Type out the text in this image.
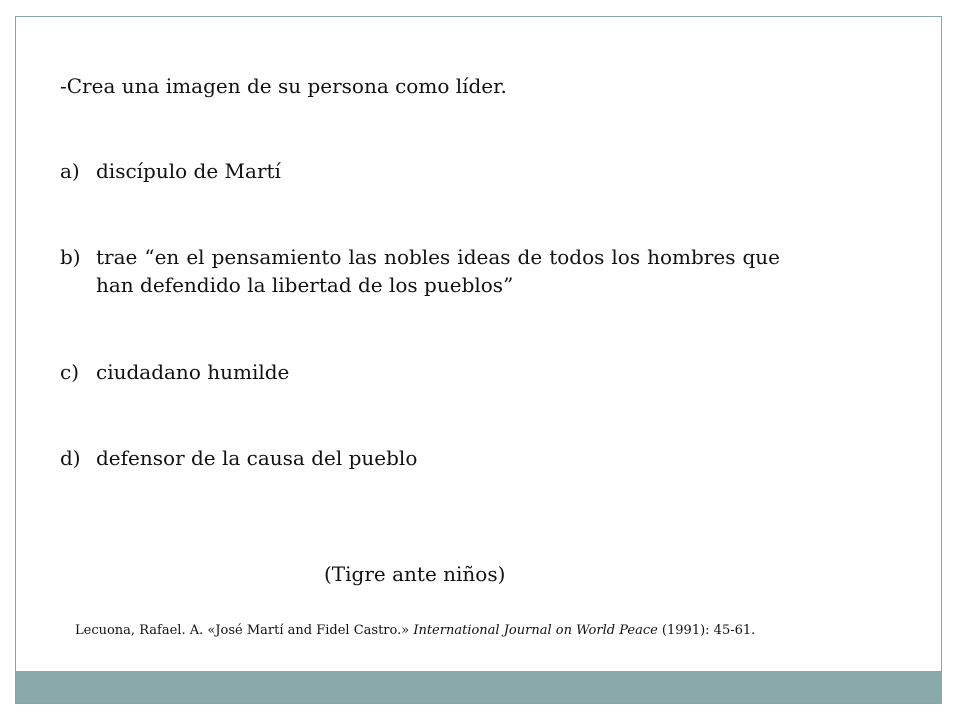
-Crea una imagen de su persona como líder.
a) discípulo de Martí
b) trae “en el pensamiento las nobles ideas de todos los hombres que han defendido la libertad de los pueblos”
c) ciudadano humilde
d) defensor de la causa del pueblo
(Tigre ante niños)
Lecuona, Rafael. A. «José Martí and Fidel Castro.» International Journal on World Peace (1991): 45-61.
